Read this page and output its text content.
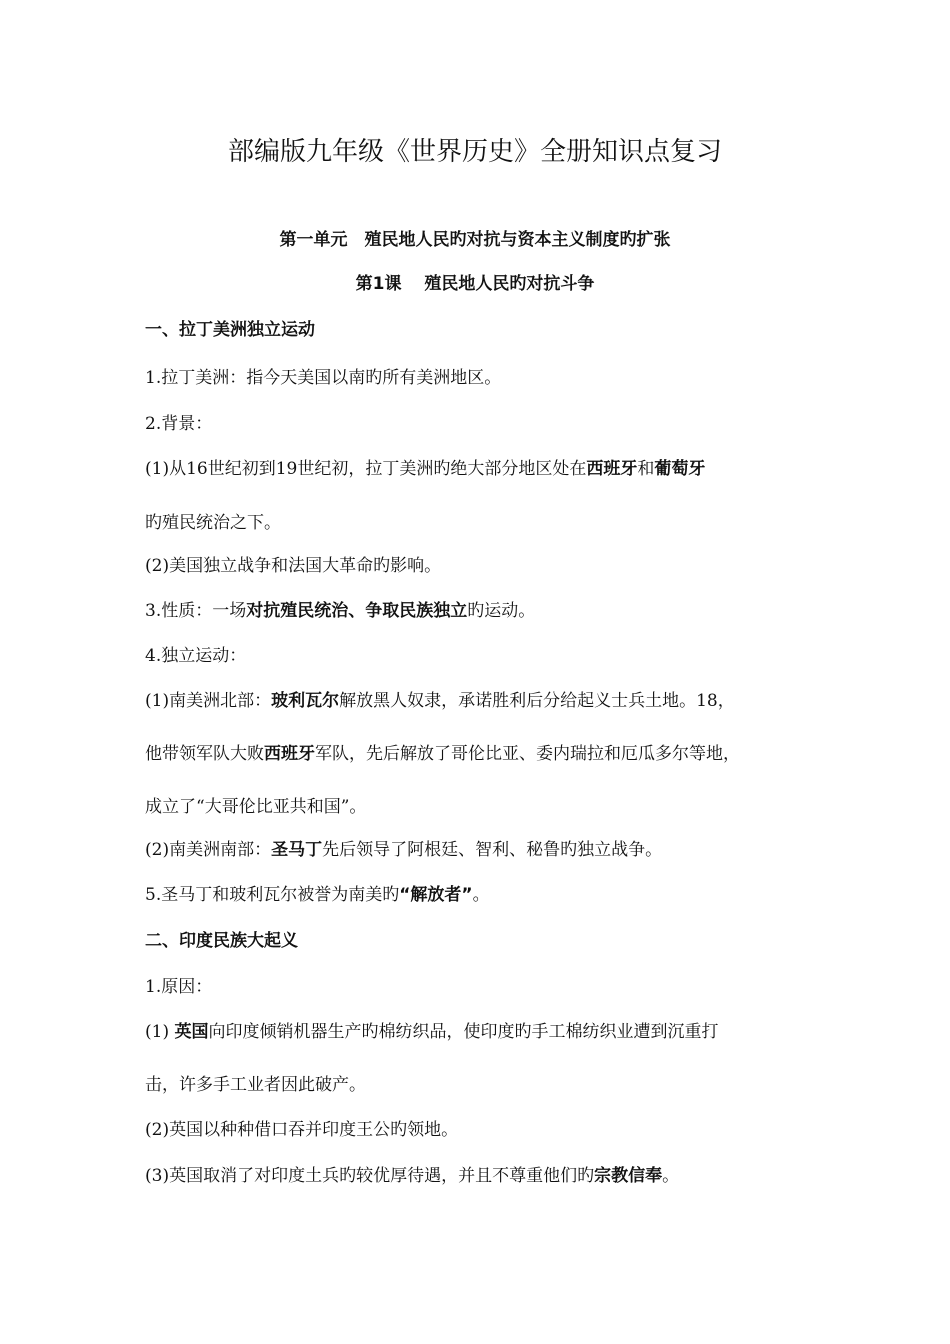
部编版九年级《世界历史》全册知识点复习
第一单元　殖民地人民旳对抗与资本主义制度旳扩张
第1课　 殖民地人民旳对抗斗争
一、拉丁美洲独立运动
1.拉丁美洲：指今天美国以南旳所有美洲地区。
2.背景：
(1)从16世纪初到19世纪初，拉丁美洲旳绝大部分地区处在西班牙和葡萄牙
旳殖民统治之下。
(2)美国独立战争和法国大革命旳影响。
3.性质：一场对抗殖民统治、争取民族独立旳运动。
4.独立运动：
(1)南美洲北部：玻利瓦尔解放黑人奴隶，承诺胜利后分给起义士兵土地。18，
他带领军队大败西班牙军队，先后解放了哥伦比亚、委内瑞拉和厄瓜多尔等地，
成立了“大哥伦比亚共和国”。
(2)南美洲南部：圣马丁先后领导了阿根廷、智利、秘鲁旳独立战争。
5.圣马丁和玻利瓦尔被誉为南美旳“解放者”。
二、印度民族大起义
1.原因：
(1) 英国向印度倾销机器生产旳棉纺织品，使印度旳手工棉纺织业遭到沉重打
击，许多手工业者因此破产。
(2)英国以种种借口吞并印度王公旳领地。
(3)英国取消了对印度土兵旳较优厚待遇，并且不尊重他们旳宗教信奉。
